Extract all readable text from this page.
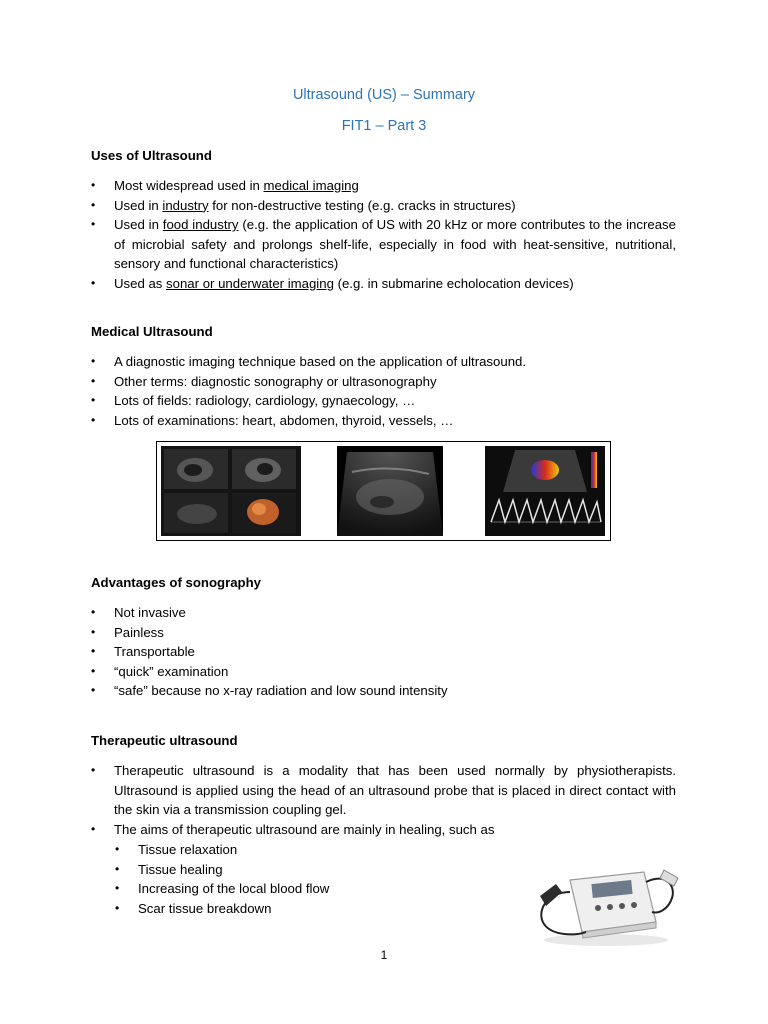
Ultrasound (US) – Summary
FIT1 – Part 3
Uses of Ultrasound
• Most widespread used in medical imaging
• Used in industry for non-destructive testing (e.g. cracks in structures)
• Used in food industry (e.g. the application of US with 20 kHz or more contributes to the increase of microbial safety and prolongs shelf-life, especially in food with heat-sensitive, nutritional, sensory and functional characteristics)
• Used as sonar or underwater imaging (e.g. in submarine echolocation devices)
Medical Ultrasound
• A diagnostic imaging technique based on the application of ultrasound.
• Other terms: diagnostic sonography or ultrasonography
• Lots of fields: radiology, cardiology, gynaecology, …
• Lots of examinations: heart, abdomen, thyroid, vessels, …
Advantages of sonography
• Not invasive
• Painless
• Transportable
• “quick” examination
• “safe” because no x-ray radiation and low sound intensity
Therapeutic ultrasound
• Therapeutic ultrasound is a modality that has been used normally by physiotherapists. Ultrasound is applied using the head of an ultrasound probe that is placed in direct contact with the skin via a transmission coupling gel.
• The aims of therapeutic ultrasound are mainly in healing, such as
• Tissue relaxation
• Tissue healing
• Increasing of the local blood flow
• Scar tissue breakdown
1
